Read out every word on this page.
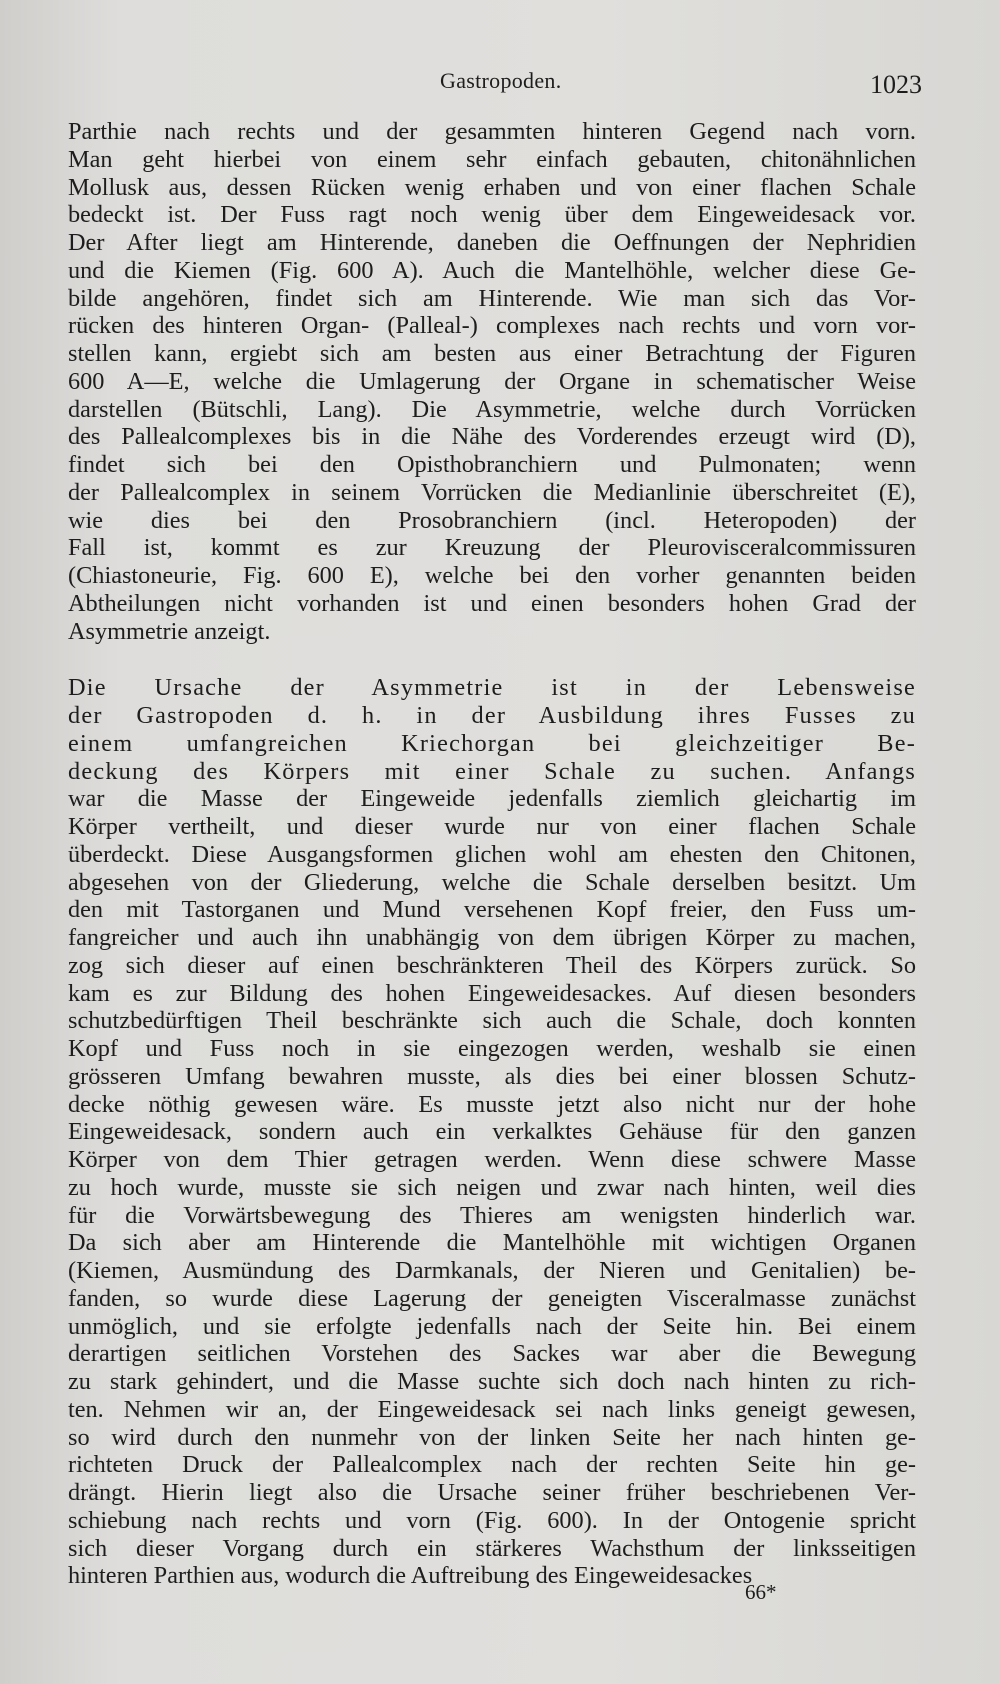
Gastropoden.	1023
Parthie nach rechts und der gesammten hinteren Gegend nach vorn.
Man geht hierbei von einem sehr einfach gebauten, chitonähnlichen
Mollusk aus, dessen Rücken wenig erhaben und von einer flachen Schale
bedeckt ist. Der Fuss ragt noch wenig über dem Eingeweidesack vor.
Der After liegt am Hinterende, daneben die Oeffnungen der Nephridien
und die Kiemen (Fig. 600 A). Auch die Mantelhöhle, welcher diese Ge-
bilde angehören, findet sich am Hinterende. Wie man sich das Vor-
rücken des hinteren Organ- (Palleal-) complexes nach rechts und vorn vor-
stellen kann, ergiebt sich am besten aus einer Betrachtung der Figuren
600 A—E, welche die Umlagerung der Organe in schematischer Weise
darstellen (Bütschli, Lang). Die Asymmetrie, welche durch Vorrücken
des Pallealcomplexes bis in die Nähe des Vorderendes erzeugt wird (D),
findet sich bei den Opisthobranchiern und Pulmonaten; wenn
der Pallealcomplex in seinem Vorrücken die Medianlinie überschreitet (E),
wie dies bei den Prosobranchiern (incl. Heteropoden) der
Fall ist, kommt es zur Kreuzung der Pleurovisceralcommissuren
(Chiastoneurie, Fig. 600 E), welche bei den vorher genannten beiden
Abtheilungen nicht vorhanden ist und einen besonders hohen Grad der
Asymmetrie anzeigt.
Die Ursache der Asymmetrie ist in der Lebensweise
der Gastropoden d. h. in der Ausbildung ihres Fusses zu
einem umfangreichen Kriechorgan bei gleichzeitiger Be-
deckung des Körpers mit einer Schale zu suchen. Anfangs
war die Masse der Eingeweide jedenfalls ziemlich gleichartig im
Körper vertheilt, und dieser wurde nur von einer flachen Schale
überdeckt. Diese Ausgangsformen glichen wohl am ehesten den Chitonen,
abgesehen von der Gliederung, welche die Schale derselben besitzt. Um
den mit Tastorganen und Mund versehenen Kopf freier, den Fuss um-
fangreicher und auch ihn unabhängig von dem übrigen Körper zu machen,
zog sich dieser auf einen beschränkteren Theil des Körpers zurück. So
kam es zur Bildung des hohen Eingeweidesackes. Auf diesen besonders
schutzbedürftigen Theil beschränkte sich auch die Schale, doch konnten
Kopf und Fuss noch in sie eingezogen werden, weshalb sie einen
grösseren Umfang bewahren musste, als dies bei einer blossen Schutz-
decke nöthig gewesen wäre. Es musste jetzt also nicht nur der hohe
Eingeweidesack, sondern auch ein verkalktes Gehäuse für den ganzen
Körper von dem Thier getragen werden. Wenn diese schwere Masse
zu hoch wurde, musste sie sich neigen und zwar nach hinten, weil dies
für die Vorwärtsbewegung des Thieres am wenigsten hinderlich war.
Da sich aber am Hinterende die Mantelhöhle mit wichtigen Organen
(Kiemen, Ausmündung des Darmkanals, der Nieren und Genitalien) be-
fanden, so wurde diese Lagerung der geneigten Visceralmasse zunächst
unmöglich, und sie erfolgte jedenfalls nach der Seite hin. Bei einem
derartigen seitlichen Vorstehen des Sackes war aber die Bewegung
zu stark gehindert, und die Masse suchte sich doch nach hinten zu rich-
ten. Nehmen wir an, der Eingeweidesack sei nach links geneigt gewesen,
so wird durch den nunmehr von der linken Seite her nach hinten ge-
richteten Druck der Pallealcomplex nach der rechten Seite hin ge-
drängt. Hierin liegt also die Ursache seiner früher beschriebenen Ver-
schiebung nach rechts und vorn (Fig. 600). In der Ontogenie spricht
sich dieser Vorgang durch ein stärkeres Wachsthum der linksseitigen
hinteren Parthien aus, wodurch die Auftreibung des Eingeweidesackes
66*
